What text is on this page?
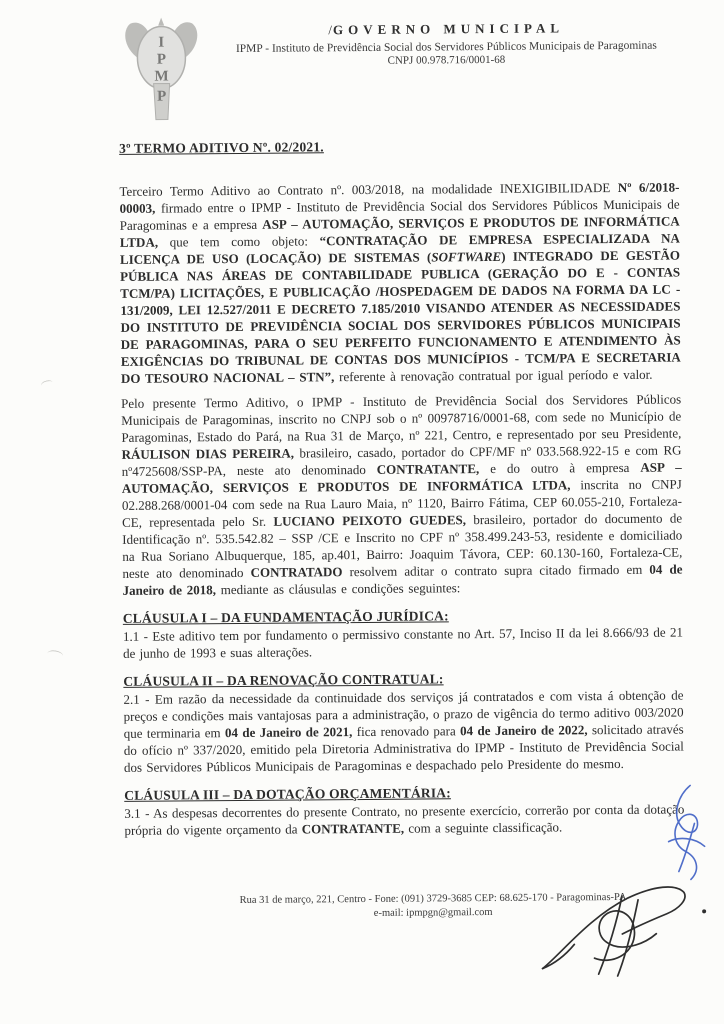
I
P
M
P
/GOVERNO MUNICIPAL
IPMP - Instituto de Previdência Social dos Servidores Públicos Municipais de Paragominas
CNPJ 00.978.716/0001-68
3º TERMO ADITIVO Nº. 02/2021.

Terceiro Termo Aditivo ao Contrato nº. 003/2018, na modalidade INEXIGIBILIDADE Nº 6/2018-00003, firmado entre o IPMP - Instituto de Previdência Social dos Servidores Públicos Municipais de Paragominas e a empresa ASP – AUTOMAÇÃO, SERVIÇOS E PRODUTOS DE INFORMÁTICA LTDA, que tem como objeto: “CONTRATAÇÃO DE EMPRESA ESPECIALIZADA NA LICENÇA DE USO (LOCAÇÃO) DE SISTEMAS (SOFTWARE) INTEGRADO DE GESTÃO PÚBLICA NAS ÁREAS DE CONTABILIDADE PUBLICA (GERAÇÃO DO E - CONTAS TCM/PA) LICITAÇÕES, E PUBLICAÇÃO /HOSPEDAGEM DE DADOS NA FORMA DA LC - 131/2009, LEI 12.527/2011 E DECRETO 7.185/2010 VISANDO ATENDER AS NECESSIDADES DO INSTITUTO DE PREVIDÊNCIA SOCIAL DOS SERVIDORES PÚBLICOS MUNICIPAIS DE PARAGOMINAS, PARA O SEU PERFEITO FUNCIONAMENTO E ATENDIMENTO ÀS EXIGÊNCIAS DO TRIBUNAL DE CONTAS DOS MUNICÍPIOS - TCM/PA E SECRETARIA DO TESOURO NACIONAL – STN”, referente à renovação contratual por igual período e valor.

Pelo presente Termo Aditivo, o IPMP - Instituto de Previdência Social dos Servidores Públicos Municipais de Paragominas, inscrito no CNPJ sob o nº 00978716/0001-68, com sede no Município de Paragominas, Estado do Pará, na Rua 31 de Março, nº 221, Centro, e representado por seu Presidente, RÁULISON DIAS PEREIRA, brasileiro, casado, portador do CPF/MF nº 033.568.922-15 e com RG nº4725608/SSP-PA, neste ato denominado CONTRATANTE, e do outro à empresa ASP – AUTOMAÇÃO, SERVIÇOS E PRODUTOS DE INFORMÁTICA LTDA, inscrita no CNPJ 02.288.268/0001-04 com sede na Rua Lauro Maia, nº 1120, Bairro Fátima, CEP 60.055-210, Fortaleza-CE, representada pelo Sr. LUCIANO PEIXOTO GUEDES, brasileiro, portador do documento de Identificação nº. 535.542.82 – SSP /CE e Inscrito no CPF nº 358.499.243-53, residente e domiciliado na Rua Soriano Albuquerque, 185, ap.401, Bairro: Joaquim Távora, CEP: 60.130-160, Fortaleza-CE, neste ato denominado CONTRATADO resolvem aditar o contrato supra citado firmado em 04 de Janeiro de 2018, mediante as cláusulas e condições seguintes:

CLÁUSULA I – DA FUNDAMENTAÇÃO JURÍDICA:

1.1 - Este aditivo tem por fundamento o permissivo constante no Art. 57, Inciso II da lei 8.666/93 de 21 de junho de 1993 e suas alterações.

CLÁUSULA II – DA RENOVAÇÃO CONTRATUAL:

2.1 - Em razão da necessidade da continuidade dos serviços já contratados e com vista á obtenção de preços e condições mais vantajosas para a administração, o prazo de vigência do termo aditivo 003/2020 que terminaria em 04 de Janeiro de 2021, fica renovado para 04 de Janeiro de 2022, solicitado através do ofício nº 337/2020, emitido pela Diretoria Administrativa do IPMP - Instituto de Previdência Social dos Servidores Públicos Municipais de Paragominas e despachado pelo Presidente do mesmo.

CLÁUSULA III – DA DOTAÇÃO ORÇAMENTÁRIA:

3.1 - As despesas decorrentes do presente Contrato, no presente exercício, correrão por conta da dotação própria do vigente orçamento da CONTRATANTE, com a seguinte classificação.

Rua 31 de março, 221, Centro - Fone: (091) 3729-3685 CEP: 68.625-170 - Paragominas-PA
e-mail: ipmpgn@gmail.com
